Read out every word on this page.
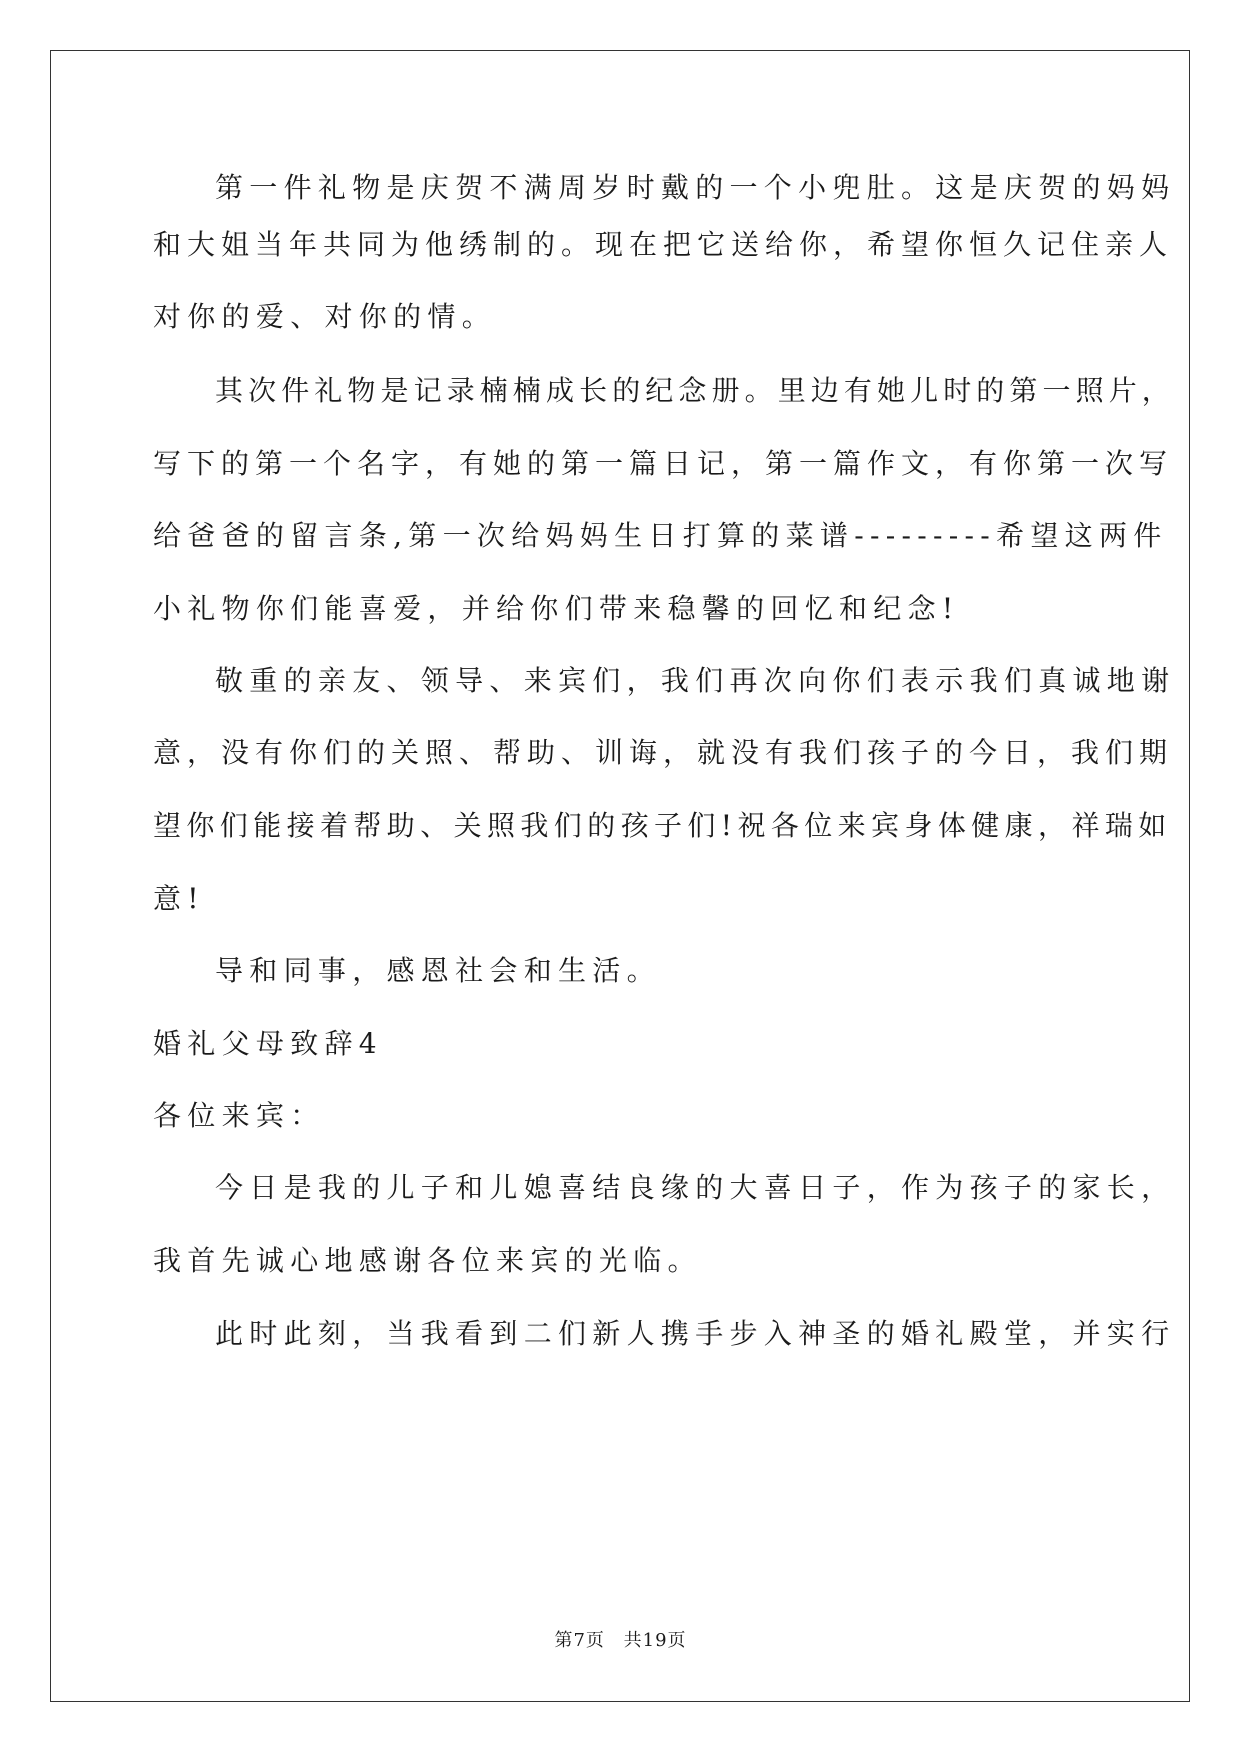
第一件礼物是庆贺不满周岁时戴的一个小兜肚。这是庆贺的妈妈

和大姐当年共同为他绣制的。现在把它送给你，希望你恒久记住亲人

对你的爱、对你的情。

其次件礼物是记录楠楠成长的纪念册。里边有她儿时的第一照片，

写下的第一个名字，有她的第一篇日记，第一篇作文，有你第一次写

给爸爸的留言条,第一次给妈妈生日打算的菜谱---------希望这两件

小礼物你们能喜爱，并给你们带来稳馨的回忆和纪念!

敬重的亲友、领导、来宾们，我们再次向你们表示我们真诚地谢

意，没有你们的关照、帮助、训诲，就没有我们孩子的今日，我们期

望你们能接着帮助、关照我们的孩子们!祝各位来宾身体健康，祥瑞如

意!

导和同事，感恩社会和生活。

婚礼父母致辞4

各位来宾：

今日是我的儿子和儿媳喜结良缘的大喜日子，作为孩子的家长，

我首先诚心地感谢各位来宾的光临。

此时此刻，当我看到二们新人携手步入神圣的婚礼殿堂，并实行

第7页 共19页
